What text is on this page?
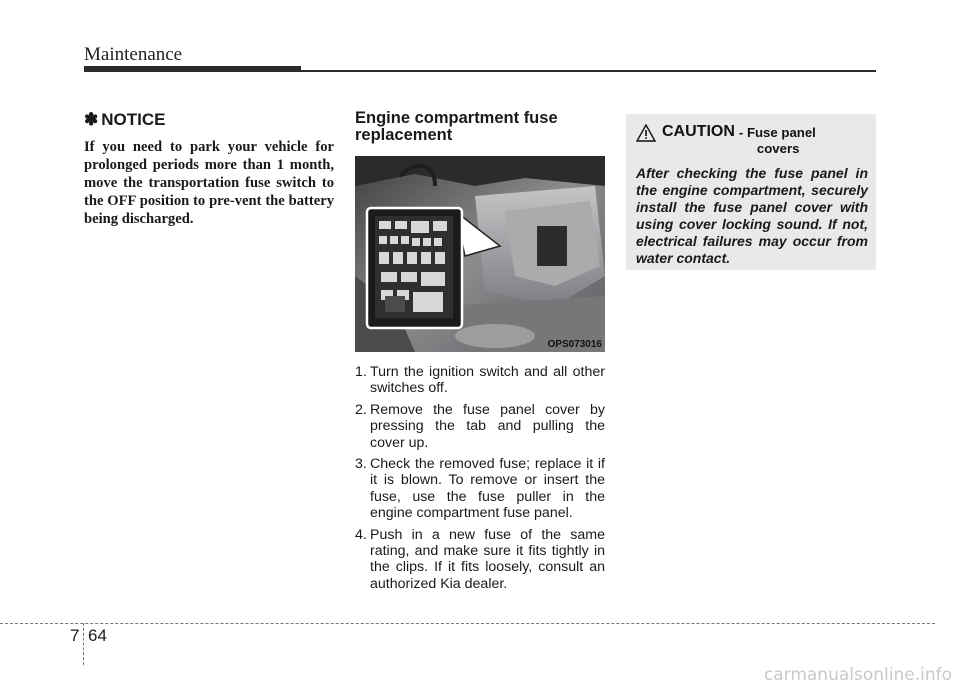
Maintenance
✽ NOTICE
If you need to park your vehicle for prolonged periods more than 1 month, move the transportation fuse switch to the OFF position to pre-vent the battery being discharged.
Engine compartment fuse replacement
OPS073016
1. Turn the ignition switch and all other switches off.
2. Remove the fuse panel cover by pressing the tab and pulling the cover up.
3. Check the removed fuse; replace it if it is blown. To remove or insert the fuse, use the fuse puller in the engine compartment fuse panel.
4. Push in a new fuse of the same rating, and make sure it fits tightly in the clips. If it fits loosely, consult an authorized Kia dealer.
CAUTION - Fuse panel
covers
After checking the fuse panel in the engine compartment, securely install the fuse panel cover with using cover locking sound. If not, electrical failures may occur from water contact.
7 64
carmanualsonline.info
